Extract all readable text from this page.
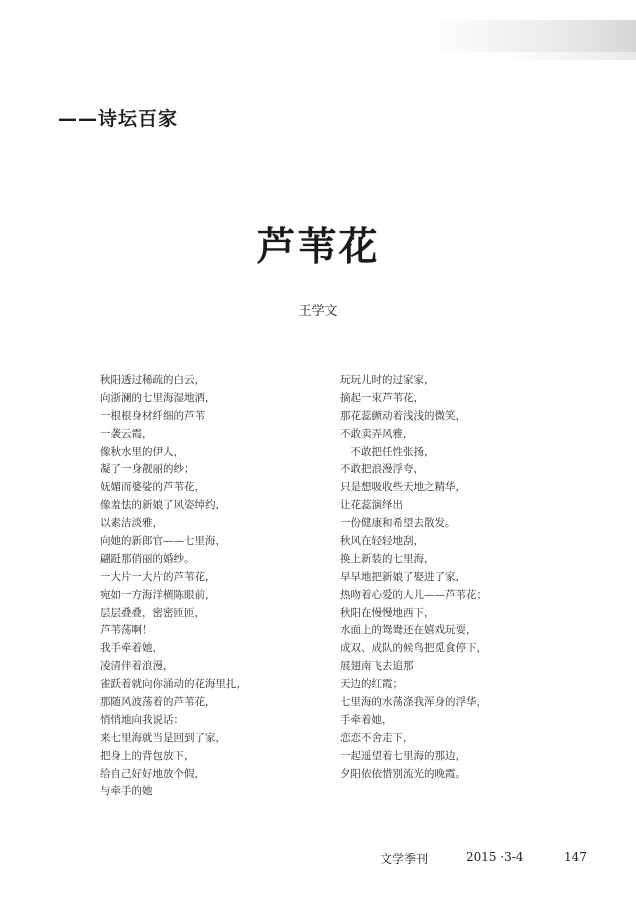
——诗坛百家
芦苇花
王学文
秋阳透过稀疏的白云，
向浙澜的七里海湿地洒，
一根根身材纤细的芦苇
一袭云霞，
像秋水里的伊人，
凝了一身靓丽的纱；
妩媚而婆娑的芦苇花，
像羞怯的新娘了风姿绰约，
以素洁淡雅，
向她的新郎官——七里海，
翩跹那俏丽的婚纱。
一大片一大片的芦苇花，
宛如一方海洋横陈眼前，
层层叠叠，密密匝匝，
芦苇荡啊！
我手牵着她，
凌清伴着浪漫，
雀跃着就向你涌动的花海里扎，
那随风波荡着的芦苇花，
悄悄地向我说话：
来七里海就当是回到了家，
把身上的背包放下，
给自己好好地放个假，
与牵手的她
玩玩儿时的过家家，
摘起一束芦苇花，
那花蕊颤动着浅浅的微笑，
不敢卖弄风雅，
　不敢把任性张扬，
不敢把浪漫浮夸，
只是想吸收些天地之精华，
让花蕊演绎出
一份健康和希望去散发。
秋风在轻轻地刮，
换上新装的七里海，
早早地把新娘了娶进了家，
热吻着心爱的人儿——芦苇花；
秋阳在慢慢地西下，
水面上的鸳鸯还在嬉戏玩耍，
成双、成队的候鸟把觅食停下，
展翅南飞去追那
天边的红霞；
七里海的水荡涤我浑身的浮华，
手牵着她，
恋恋不舍走下，
一起遥望着七里海的那边，
夕阳依依惜别流光的晚霞。
文学季刊	2015 ·3-4	147
